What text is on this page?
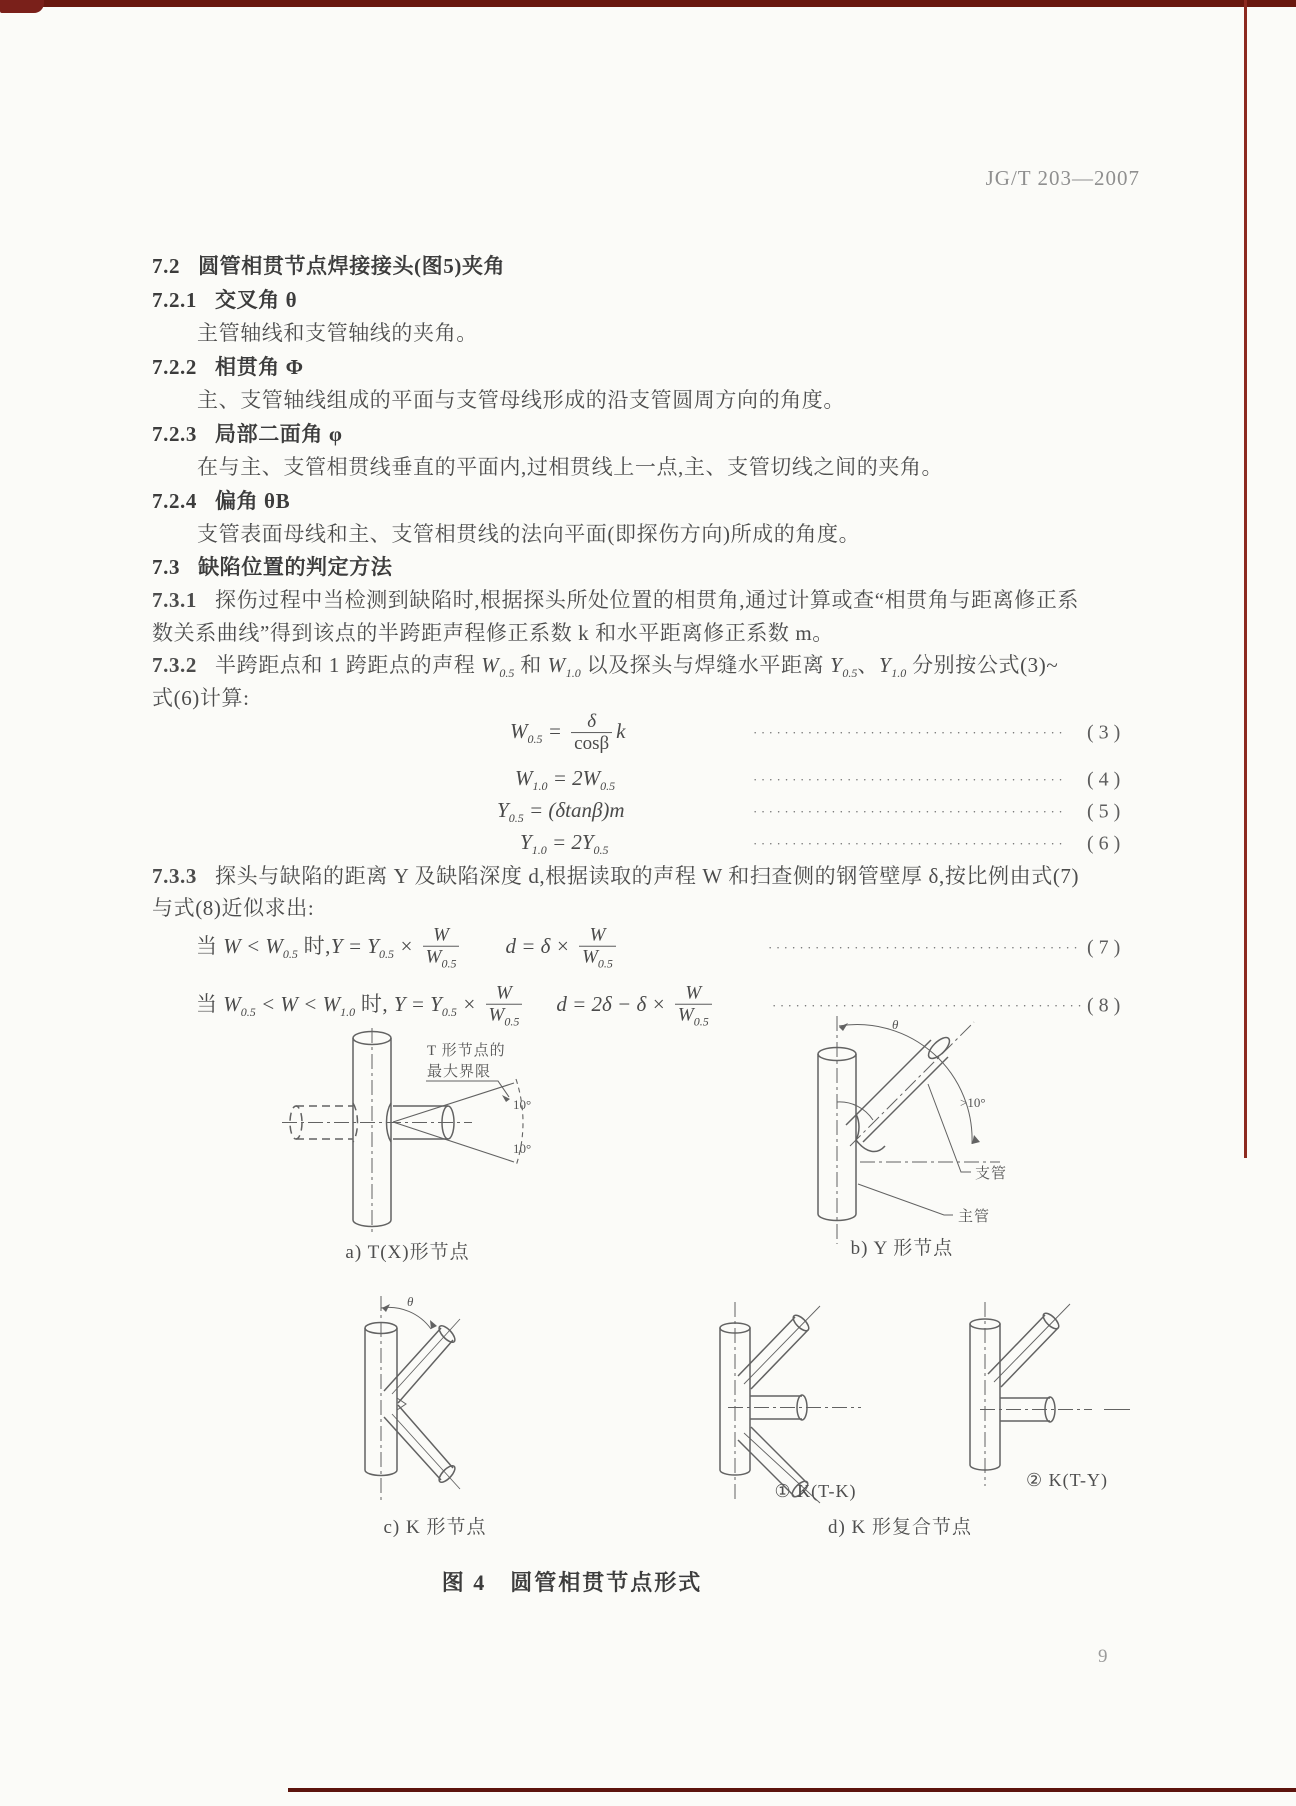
JG/T 203—2007
7.2 圆管相贯节点焊接接头(图5)夹角
7.2.1 交叉角 θ
主管轴线和支管轴线的夹角。
7.2.2 相贯角 Φ
主、支管轴线组成的平面与支管母线形成的沿支管圆周方向的角度。
7.2.3 局部二面角 φ
在与主、支管相贯线垂直的平面内,过相贯线上一点,主、支管切线之间的夹角。
7.2.4 偏角 θB
支管表面母线和主、支管相贯线的法向平面(即探伤方向)所成的角度。
7.3 缺陷位置的判定方法
7.3.1 探伤过程中当检测到缺陷时,根据探头所处位置的相贯角,通过计算或查“相贯角与距离修正系
数关系曲线”得到该点的半跨距声程修正系数 k 和水平距离修正系数 m。
7.3.2 半跨距点和 1 跨距点的声程 $W_{0.5}$ 和 $W_{1.0}$ 以及探头与焊缝水平距离 $Y_{0.5}$、$Y_{1.0}$ 分别按公式(3)~
式(6)计算:
$W_{0.5} = \frac{\delta}{\cos\beta}$ k	········································	( 3 )
$W_{1.0} = 2W_{0.5}$	········································	( 4 )
$Y_{0.5} = (\delta\tan\beta)m$	········································	( 5 )
$Y_{1.0} = 2Y_{0.5}$	········································	( 6 )
7.3.3 探头与缺陷的距离 Y 及缺陷深度 d,根据读取的声程 W 和扫查侧的钢管壁厚 δ,按比例由式(7)
与式(8)近似求出:
当 $W < W_{0.5}$ 时$,Y = Y_{0.5} \times \frac{W}{W_{0.5}}$ $d = \delta \times \frac{W}{W_{0.5}}$	········································ ( 7 )
当 $W_{0.5} < W < W_{1.0}$ 时, $Y = Y_{0.5} \times \frac{W}{W_{0.5}}$ $d = 2\delta - \delta \times \frac{W}{W_{0.5}}$	········································ ( 8 )
T 形节点的
最大界限
10°
10°
a) T(X)形节点
θ
>10°
支管
主管
b) Y 形节点
θ
c) K 形节点
① K(T-K)
② K(T-Y)
d) K 形复合节点
图 4　圆管相贯节点形式
9
